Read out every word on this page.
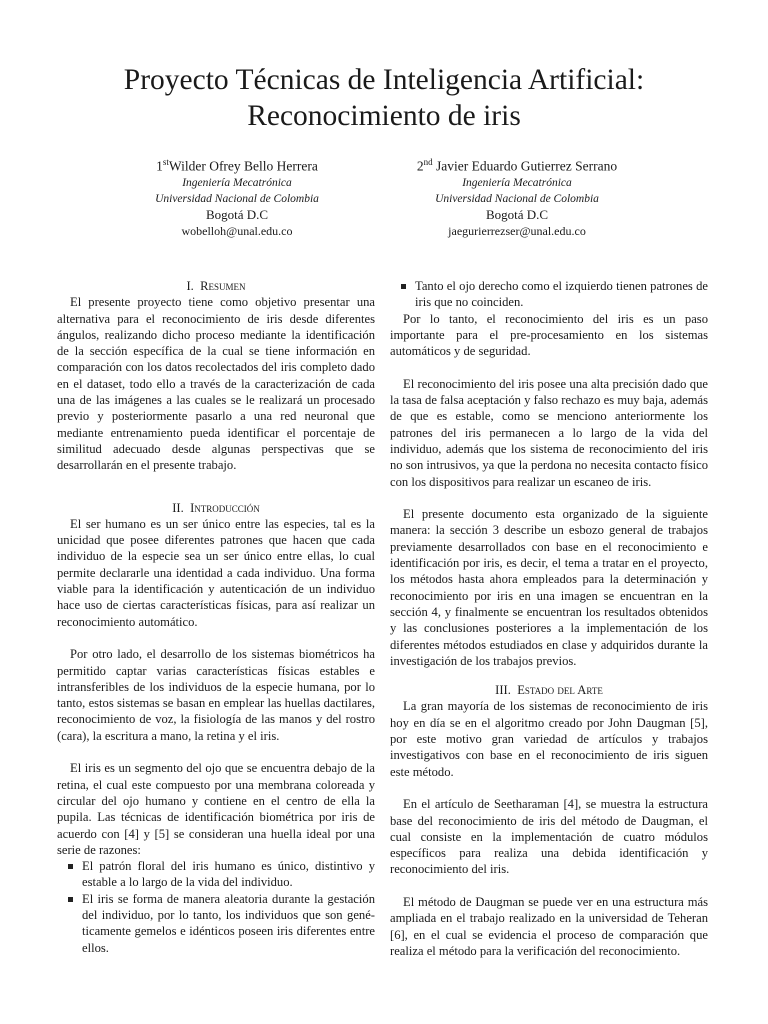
Proyecto Técnicas de Inteligencia Artificial:
Reconocimiento de iris
1stWilder Ofrey Bello Herrera
Ingeniería Mecatrónica
Universidad Nacional de Colombia
Bogotá D.C
wobelloh@unal.edu.co
2nd Javier Eduardo Gutierrez Serrano
Ingeniería Mecatrónica
Universidad Nacional de Colombia
Bogotá D.C
jaegurierrezser@unal.edu.co
I. Resumen

El presente proyecto tiene como objetivo presentar una alternativa para el reconocimiento de iris desde diferentes ángulos, realizando dicho proceso mediante la identificación de la sección específica de la cual se tiene información en comparación con los datos recolectados del iris completo dado en el dataset, todo ello a través de la caracterización de cada una de las imágenes a las cuales se le realizará un procesado previo y posteriormente pasarlo a una red neuronal que mediante entrenamiento pueda identificar el porcentaje de similitud adecuado desde algunas perspectivas que se desarrollarán en el presente trabajo.

II. Introducción

El ser humano es un ser único entre las especies, tal es la unicidad que posee diferentes patrones que hacen que cada individuo de la especie sea un ser único entre ellas, lo cual permite declararle una identidad a cada individuo. Una forma viable para la identificación y autenticación de un individuo hace uso de ciertas características físicas, para así realizar un reconocimiento automático.

Por otro lado, el desarrollo de los sistemas biométricos ha permitido captar varias características físicas estables e intransferibles de los individuos de la especie humana, por lo tanto, estos sistemas se basan en emplear las huellas dactilares, reconocimiento de voz, la fisiología de las manos y del rostro (cara), la escritura a mano, la retina y el iris.

El iris es un segmento del ojo que se encuentra debajo de la retina, el cual este compuesto por una membrana coloreada y circular del ojo humano y contiene en el centro de ella la pupila. Las técnicas de identificación biométrica por iris de acuerdo con [4] y [5] se consideran una huella ideal por una serie de razones:

El patrón floral del iris humano es único, distintivo y estable a lo largo de la vida del individuo.
El iris se forma de manera aleatoria durante la gestación del individuo, por lo tanto, los individuos que son genéticamente gemelos e idénticos poseen iris diferentes entre ellos.
Tanto el ojo derecho como el izquierdo tienen patrones de iris que no coinciden.

Por lo tanto, el reconocimiento del iris es un paso importante para el pre-procesamiento en los sistemas automáticos y de seguridad.

El reconocimiento del iris posee una alta precisión dado que la tasa de falsa aceptación y falso rechazo es muy baja, además de que es estable, como se menciono anteriormente los patrones del iris permanecen a lo largo de la vida del individuo, además que los sistema de reconocimiento del iris no son intrusivos, ya que la perdona no necesita contacto físico con los dispositivos para realizar un escaneo de iris.

El presente documento esta organizado de la siguiente manera: la sección 3 describe un esbozo general de trabajos previamente desarrollados con base en el reconocimiento e identificación por iris, es decir, el tema a tratar en el proyecto, los métodos hasta ahora empleados para la determinación y reconocimiento por iris en una imagen se encuentran en la sección 4, y finalmente se encuentran los resultados obtenidos y las conclusiones posteriores a la implementación de los diferentes métodos estudiados en clase y adquiridos durante la investigación de los trabajos previos.

III. Estado del Arte

La gran mayoría de los sistemas de reconocimiento de iris hoy en día se en el algoritmo creado por John Daugman [5], por este motivo gran variedad de artículos y trabajos investigativos con base en el reconocimiento de iris siguen este método.

En el artículo de Seetharaman [4], se muestra la estructura base del reconocimiento de iris del método de Daugman, el cual consiste en la implementación de cuatro módulos específicos para realiza una debida identificación y reconocimiento del iris.

El método de Daugman se puede ver en una estructura más ampliada en el trabajo realizado en la universidad de Teheran [6], en el cual se evidencia el proceso de comparación que realiza el método para la verificación del reconocimiento.
